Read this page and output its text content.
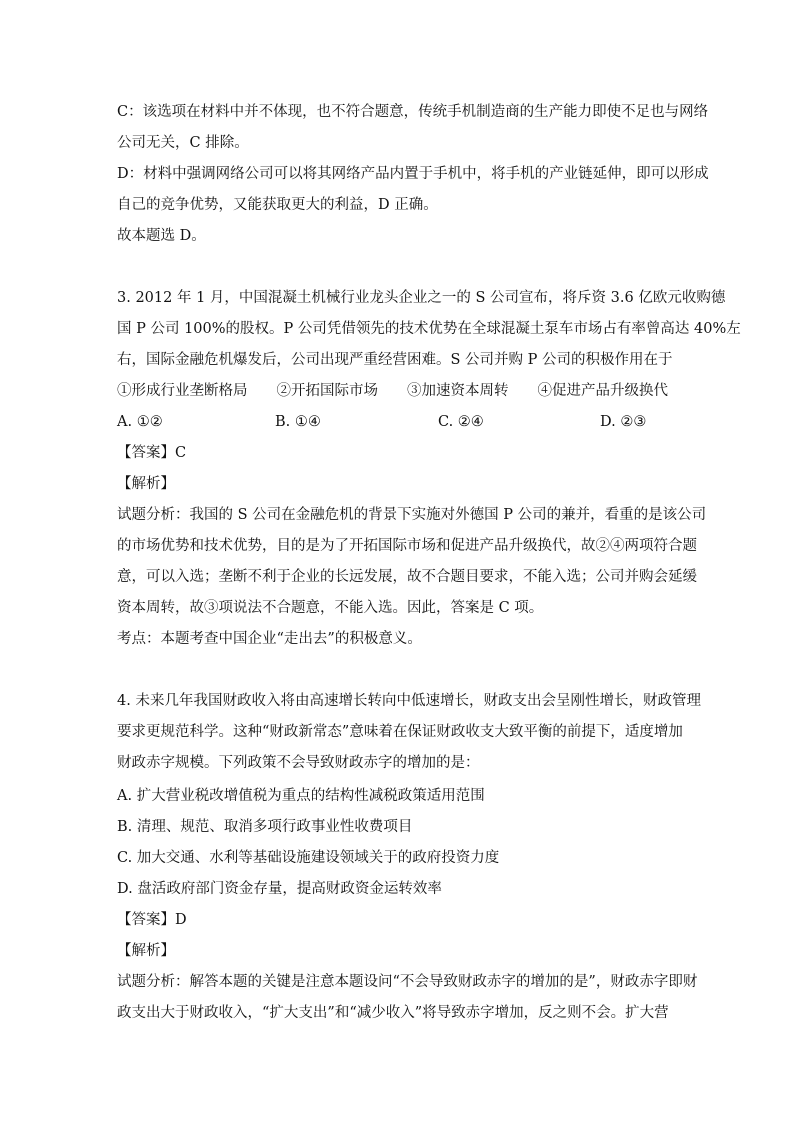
C：该选项在材料中并不体现，也不符合题意，传统手机制造商的生产能力即使不足也与网络
公司无关，C 排除。
D：材料中强调网络公司可以将其网络产品内置于手机中，将手机的产业链延伸，即可以形成
自己的竞争优势，又能获取更大的利益，D 正确。
故本题选 D。
3. 2012 年 1 月，中国混凝土机械行业龙头企业之一的 S 公司宣布，将斥资 3.6 亿欧元收购德
国 P 公司 100%的股权。P 公司凭借领先的技术优势在全球混凝土泵车市场占有率曾高达 40%左
右，国际金融危机爆发后，公司出现严重经营困难。S 公司并购 P 公司的积极作用在于
①形成行业垄断格局　　②开拓国际市场　　③加速资本周转　　④促进产品升级换代
A. ①②	B. ①④	C. ②④	D. ②③
【答案】C
【解析】
试题分析：我国的 S 公司在金融危机的背景下实施对外德国 P 公司的兼并，看重的是该公司
的市场优势和技术优势，目的是为了开拓国际市场和促进产品升级换代，故②④两项符合题
意，可以入选；垄断不利于企业的长远发展，故不合题目要求，不能入选；公司并购会延缓
资本周转，故③项说法不合题意，不能入选。因此，答案是 C 项。
考点：本题考查中国企业“走出去”的积极意义。
4. 未来几年我国财政收入将由高速增长转向中低速增长，财政支出会呈刚性增长，财政管理
要求更规范科学。这种“财政新常态”意味着在保证财政收支大致平衡的前提下，适度增加
财政赤字规模。下列政策不会导致财政赤字的增加的是：
A. 扩大营业税改增值税为重点的结构性减税政策适用范围
B. 清理、规范、取消多项行政事业性收费项目
C. 加大交通、水利等基础设施建设领域关于的政府投资力度
D. 盘活政府部门资金存量，提高财政资金运转效率
【答案】D
【解析】
试题分析：解答本题的关键是注意本题设问“不会导致财政赤字的增加的是”，财政赤字即财
政支出大于财政收入，“扩大支出”和“减少收入”将导致赤字增加，反之则不会。扩大营
